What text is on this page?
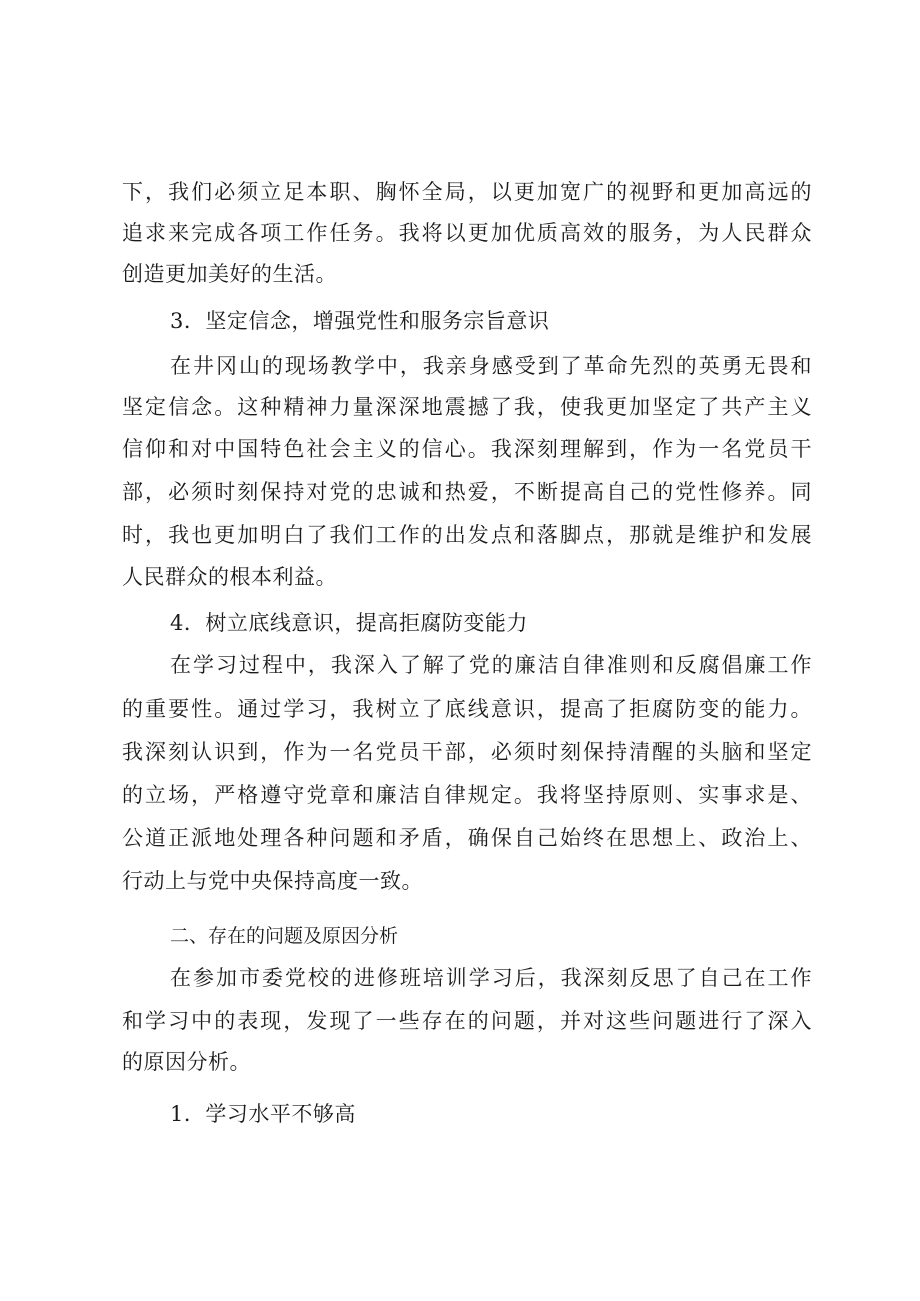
下，我们必须立足本职、胸怀全局，以更加宽广的视野和更加高远的
追求来完成各项工作任务。我将以更加优质高效的服务，为人民群众
创造更加美好的生活。
3．坚定信念，增强党性和服务宗旨意识
在井冈山的现场教学中，我亲身感受到了革命先烈的英勇无畏和
坚定信念。这种精神力量深深地震撼了我，使我更加坚定了共产主义
信仰和对中国特色社会主义的信心。我深刻理解到，作为一名党员干
部，必须时刻保持对党的忠诚和热爱，不断提高自己的党性修养。同
时，我也更加明白了我们工作的出发点和落脚点，那就是维护和发展
人民群众的根本利益。
4．树立底线意识，提高拒腐防变能力
在学习过程中，我深入了解了党的廉洁自律准则和反腐倡廉工作
的重要性。通过学习，我树立了底线意识，提高了拒腐防变的能力。
我深刻认识到，作为一名党员干部，必须时刻保持清醒的头脑和坚定
的立场，严格遵守党章和廉洁自律规定。我将坚持原则、实事求是、
公道正派地处理各种问题和矛盾，确保自己始终在思想上、政治上、
行动上与党中央保持高度一致。
二、存在的问题及原因分析
在参加市委党校的进修班培训学习后，我深刻反思了自己在工作
和学习中的表现，发现了一些存在的问题，并对这些问题进行了深入
的原因分析。
1．学习水平不够高
